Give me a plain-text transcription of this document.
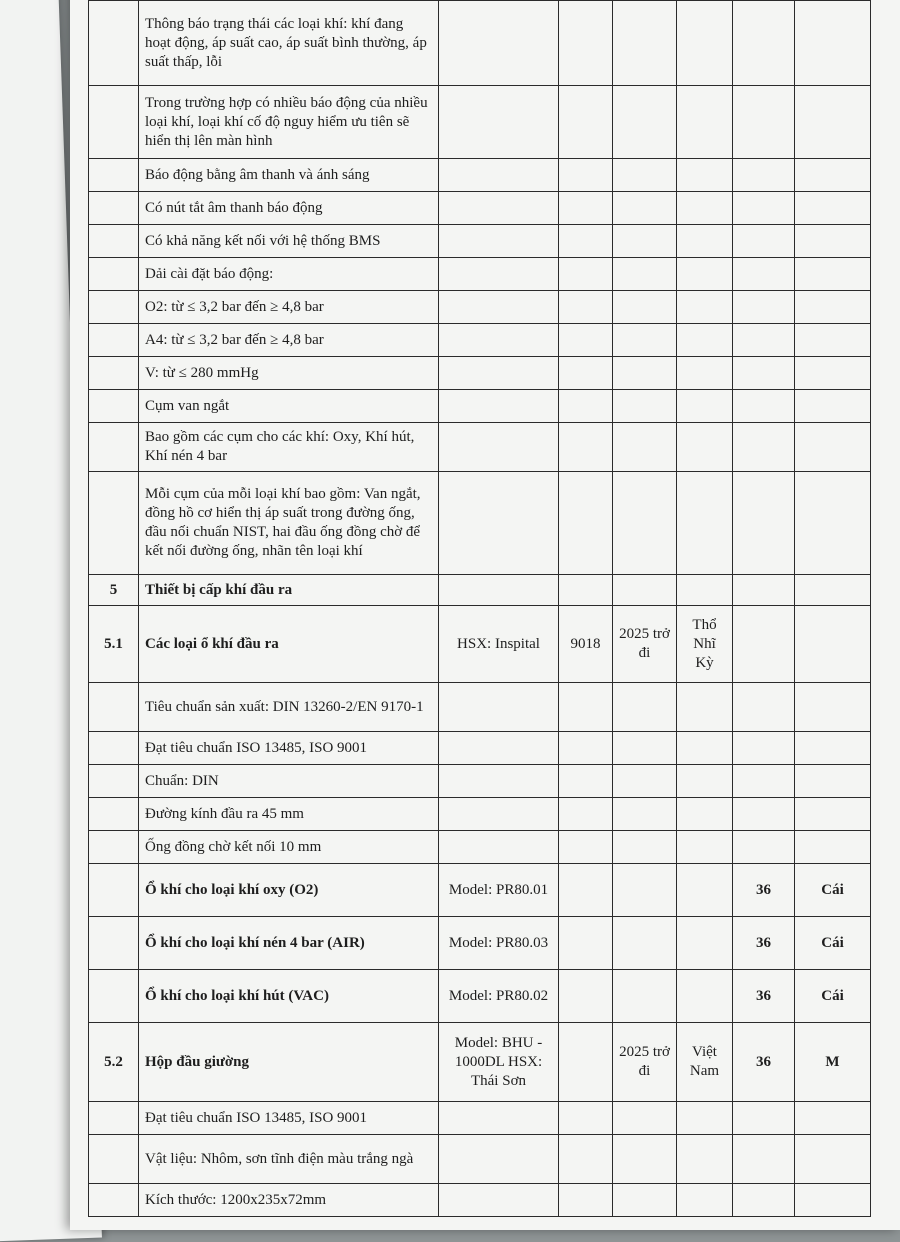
	Thông báo trạng thái các loại khí: khí đang hoạt động, áp suất cao, áp suất bình thường, áp suất thấp, lỗi						
	Trong trường hợp có nhiều báo động của nhiều loại khí, loại khí cố độ nguy hiểm ưu tiên sẽ hiển thị lên màn hình						
	Báo động bằng âm thanh và ánh sáng						
	Có nút tắt âm thanh báo động						
	Có khả năng kết nối với hệ thống BMS						
	Dải cài đặt báo động:						
	O2: từ ≤ 3,2 bar đến ≥ 4,8 bar						
	A4: từ ≤ 3,2 bar đến ≥ 4,8 bar						
	V: từ ≤ 280 mmHg						
	Cụm van ngắt						
	Bao gồm các cụm cho các khí: Oxy, Khí hút, Khí nén 4 bar						
	Mỗi cụm của mỗi loại khí bao gồm: Van ngắt, đồng hồ cơ hiển thị áp suất trong đường ống, đầu nối chuẩn NIST, hai đầu ống đồng chờ để kết nối đường ống, nhãn tên loại khí						
5	Thiết bị cấp khí đầu ra						
5.1	Các loại ổ khí đầu ra	HSX: Inspital	9018	2025 trở đi	Thổ Nhĩ Kỳ		
	Tiêu chuẩn sản xuất: DIN 13260-2/EN 9170-1						
	Đạt tiêu chuẩn ISO 13485, ISO 9001						
	Chuẩn: DIN						
	Đường kính đầu ra 45 mm						
	Ống đồng chờ kết nối 10 mm						
	Ổ khí cho loại khí oxy (O2)	Model: PR80.01				36	Cái
	Ổ khí cho loại khí nén 4 bar (AIR)	Model: PR80.03				36	Cái
	Ổ khí cho loại khí hút (VAC)	Model: PR80.02				36	Cái
5.2	Hộp đầu giường	Model: BHU - 1000DL HSX: Thái Sơn		2025 trở đi	Việt Nam	36	M
	Đạt tiêu chuẩn ISO 13485, ISO 9001						
	Vật liệu: Nhôm, sơn tĩnh điện màu trắng ngà						
	Kích thước: 1200x235x72mm						
